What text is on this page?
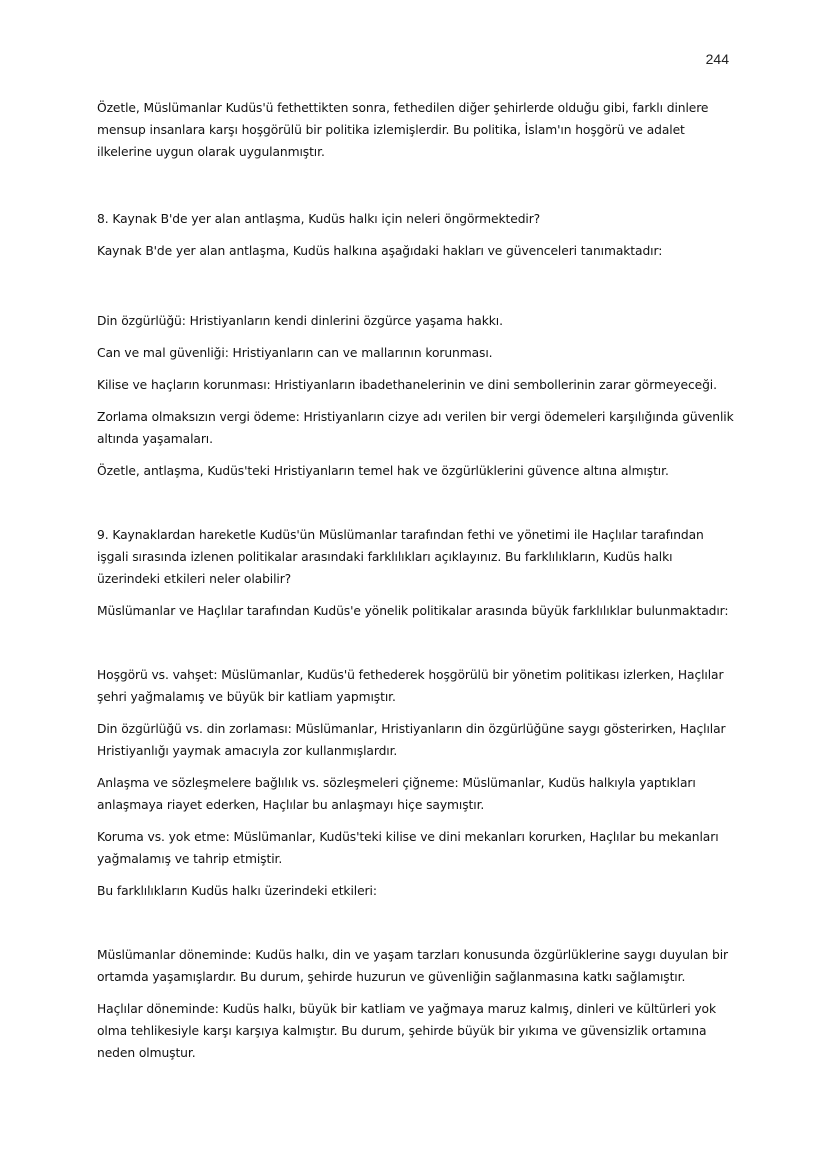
244

Özetle, Müslümanlar Kudüs'ü fethettikten sonra, fethedilen diğer şehirlerde olduğu gibi, farklı dinlere mensup insanlara karşı hoşgörülü bir politika izlemişlerdir. Bu politika, İslam'ın hoşgörü ve adalet ilkelerine uygun olarak uygulanmıştır.

8. Kaynak B'de yer alan antlaşma, Kudüs halkı için neleri öngörmektedir?

Kaynak B'de yer alan antlaşma, Kudüs halkına aşağıdaki hakları ve güvenceleri tanımaktadır:

Din özgürlüğü: Hristiyanların kendi dinlerini özgürce yaşama hakkı.

Can ve mal güvenliği: Hristiyanların can ve mallarının korunması.

Kilise ve haçların korunması: Hristiyanların ibadethanelerinin ve dini sembollerinin zarar görmeyeceği.

Zorlama olmaksızın vergi ödeme: Hristiyanların cizye adı verilen bir vergi ödemeleri karşılığında güvenlik altında yaşamaları.

Özetle, antlaşma, Kudüs'teki Hristiyanların temel hak ve özgürlüklerini güvence altına almıştır.

9. Kaynaklardan hareketle Kudüs'ün Müslümanlar tarafından fethi ve yönetimi ile Haçlılar tarafından işgali sırasında izlenen politikalar arasındaki farklılıkları açıklayınız. Bu farklılıkların, Kudüs halkı üzerindeki etkileri neler olabilir?

Müslümanlar ve Haçlılar tarafından Kudüs'e yönelik politikalar arasında büyük farklılıklar bulunmaktadır:

Hoşgörü vs. vahşet: Müslümanlar, Kudüs'ü fethederek hoşgörülü bir yönetim politikası izlerken, Haçlılar şehri yağmalamış ve büyük bir katliam yapmıştır.

Din özgürlüğü vs. din zorlaması: Müslümanlar, Hristiyanların din özgürlüğüne saygı gösterirken, Haçlılar Hristiyanlığı yaymak amacıyla zor kullanmışlardır.

Anlaşma ve sözleşmelere bağlılık vs. sözleşmeleri çiğneme: Müslümanlar, Kudüs halkıyla yaptıkları anlaşmaya riayet ederken, Haçlılar bu anlaşmayı hiçe saymıştır.

Koruma vs. yok etme: Müslümanlar, Kudüs'teki kilise ve dini mekanları korurken, Haçlılar bu mekanları yağmalamış ve tahrip etmiştir.

Bu farklılıkların Kudüs halkı üzerindeki etkileri:

Müslümanlar döneminde: Kudüs halkı, din ve yaşam tarzları konusunda özgürlüklerine saygı duyulan bir ortamda yaşamışlardır. Bu durum, şehirde huzurun ve güvenliğin sağlanmasına katkı sağlamıştır.

Haçlılar döneminde: Kudüs halkı, büyük bir katliam ve yağmaya maruz kalmış, dinleri ve kültürleri yok olma tehlikesiyle karşı karşıya kalmıştır. Bu durum, şehirde büyük bir yıkıma ve güvensizlik ortamına neden olmuştur.
